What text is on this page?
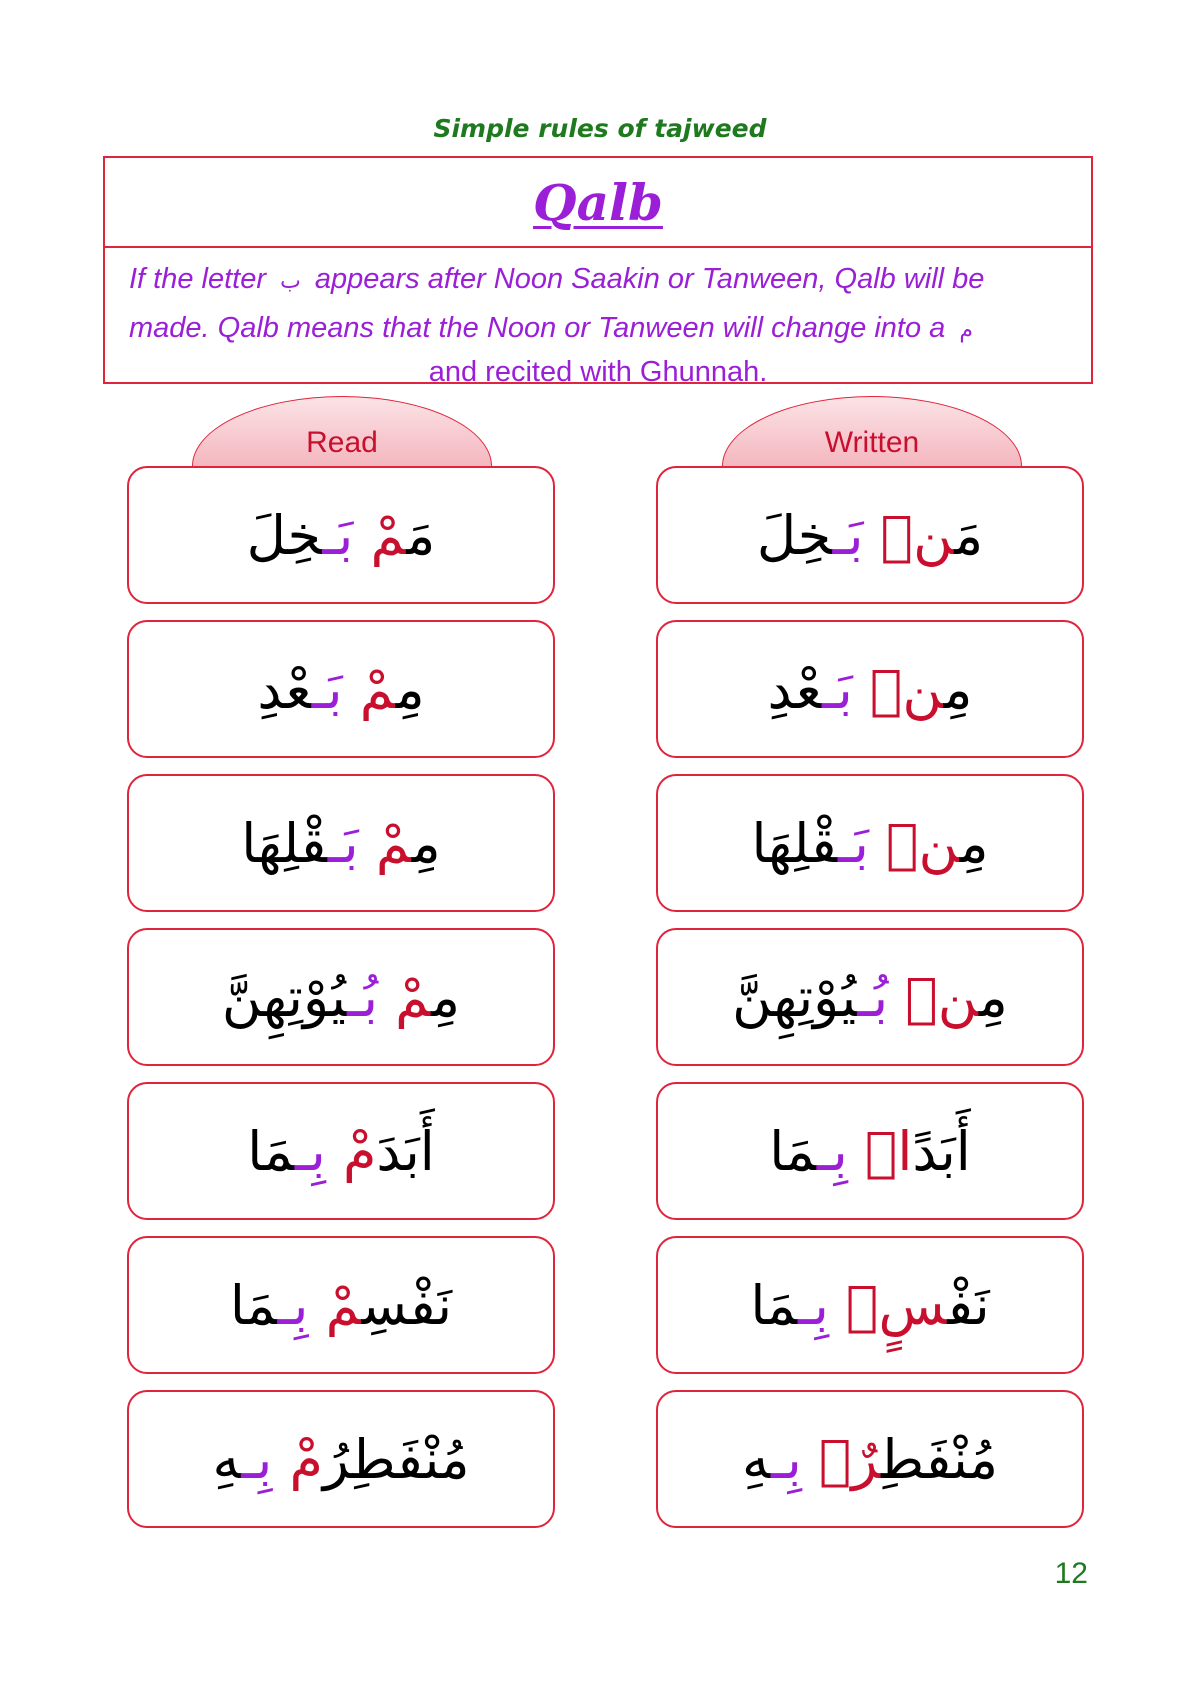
Simple rules of tajweed
Qalb
If the letter ب appears after Noon Saakin or Tanween, Qalb will be made. Qalb means that the Noon or Tanween will change into a م
and recited with Ghunnah.
Read	Written
مَمْ بَـخِلَ	مَنۢ بَـخِلَ
مِمْ بَـعْدِ	مِنۢ بَـعْدِ
مِمْ بَـقْلِهَا	مِنۢ بَـقْلِهَا
مِمْ بُـيُوْتِهِنَّ	مِنۢ بُـيُوْتِهِنَّ
أَبَدَمْ بِـمَا	أَبَدًاۢ بِـمَا
نَفْسِمْ بِـمَا	نَفْسٍۢ بِـمَا
مُنْفَطِرُمْ بِـهِ	مُنْفَطِرٌۢ بِـهِ
12
